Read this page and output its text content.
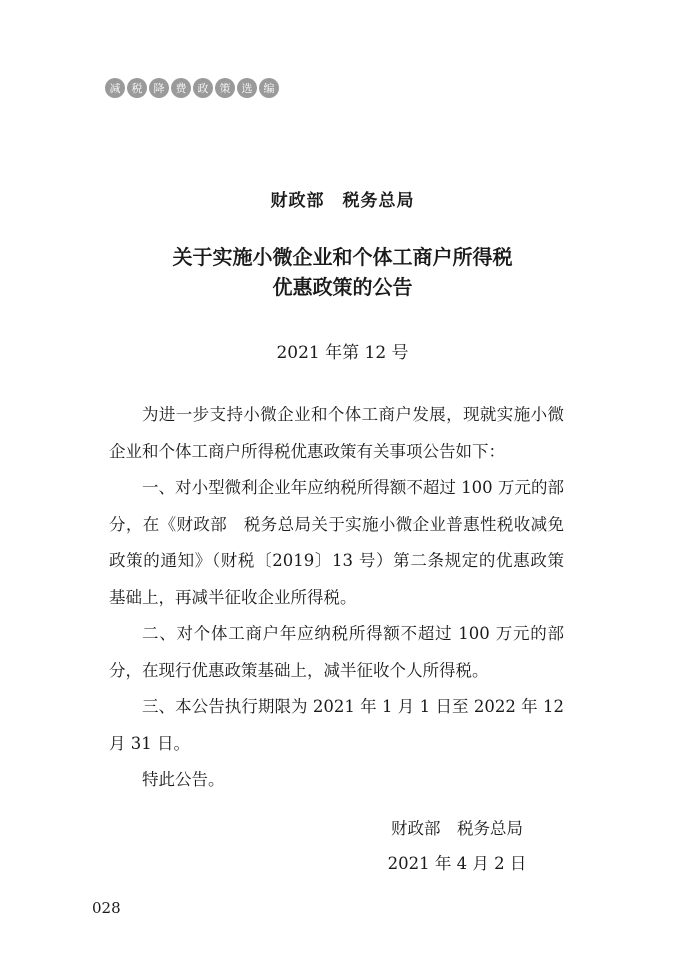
减	税	降	费	政	策	选	编
财政部　税务总局
关于实施小微企业和个体工商户所得税
优惠政策的公告
2021 年第 12 号

为进一步支持小微企业和个体工商户发展，现就实施小微企业和个体工商户所得税优惠政策有关事项公告如下：

一、对小型微利企业年应纳税所得额不超过 100 万元的部分，在《财政部　税务总局关于实施小微企业普惠性税收减免政策的通知》（财税〔2019〕13 号）第二条规定的优惠政策基础上，再减半征收企业所得税。

二、对个体工商户年应纳税所得额不超过 100 万元的部分，在现行优惠政策基础上，减半征收个人所得税。

三、本公告执行期限为 2021 年 1 月 1 日至 2022 年 12 月 31 日。

特此公告。

财政部　税务总局
2021 年 4 月 2 日
028
